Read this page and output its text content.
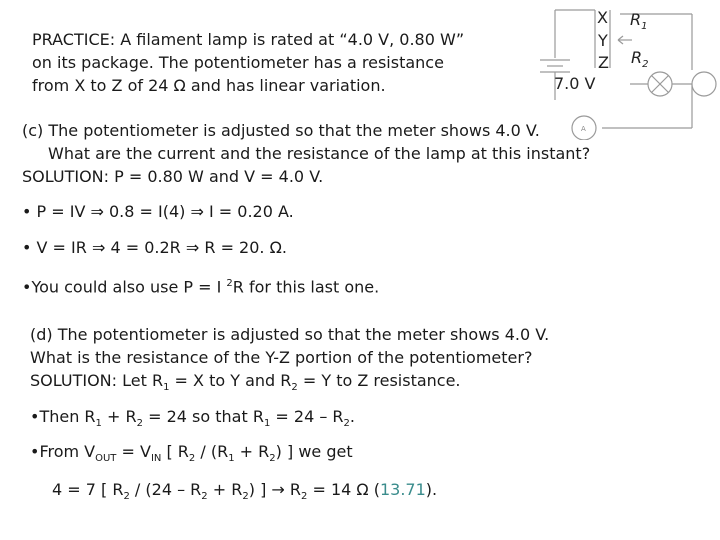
PRACTICE: A filament lamp is rated at “4.0 V, 0.80 W”
on its package. The potentiometer has a resistance
from X to Z of 24 Ω and has linear variation.
A
X
Y
Z
$R_1$
$R_2$
7.0 V
(c) The potentiometer is adjusted so that the meter shows 4.0 V.
What are the current and the resistance of the lamp at this instant?
SOLUTION: P = 0.80 W and V = 4.0 V.
• P = IV ⇒ 0.8 = I(4) ⇒ I = 0.20 A.
• V = IR ⇒ 4 = 0.2R ⇒ R = 20. Ω.
•You could also use P = I $^2$R for this last one.
(d) The potentiometer is adjusted so that the meter shows 4.0 V.
What is the resistance of the Y-Z portion of the potentiometer?
SOLUTION: Let $R_1 = X$ to Y and $R_2 = Y$ to Z resistance.
•Then $R_1 + R_2 = 24$ so that $R_1 = 24 - R_2$.
•From $V_{OUT} = V_{IN}$ [ $R_2 / (R_1 + R_2)$ ] we get
4 = 7 [ $R_2 / (24 - R_2 + R_2)$ ] → $R_2 = 14$ Ω (13.71).
